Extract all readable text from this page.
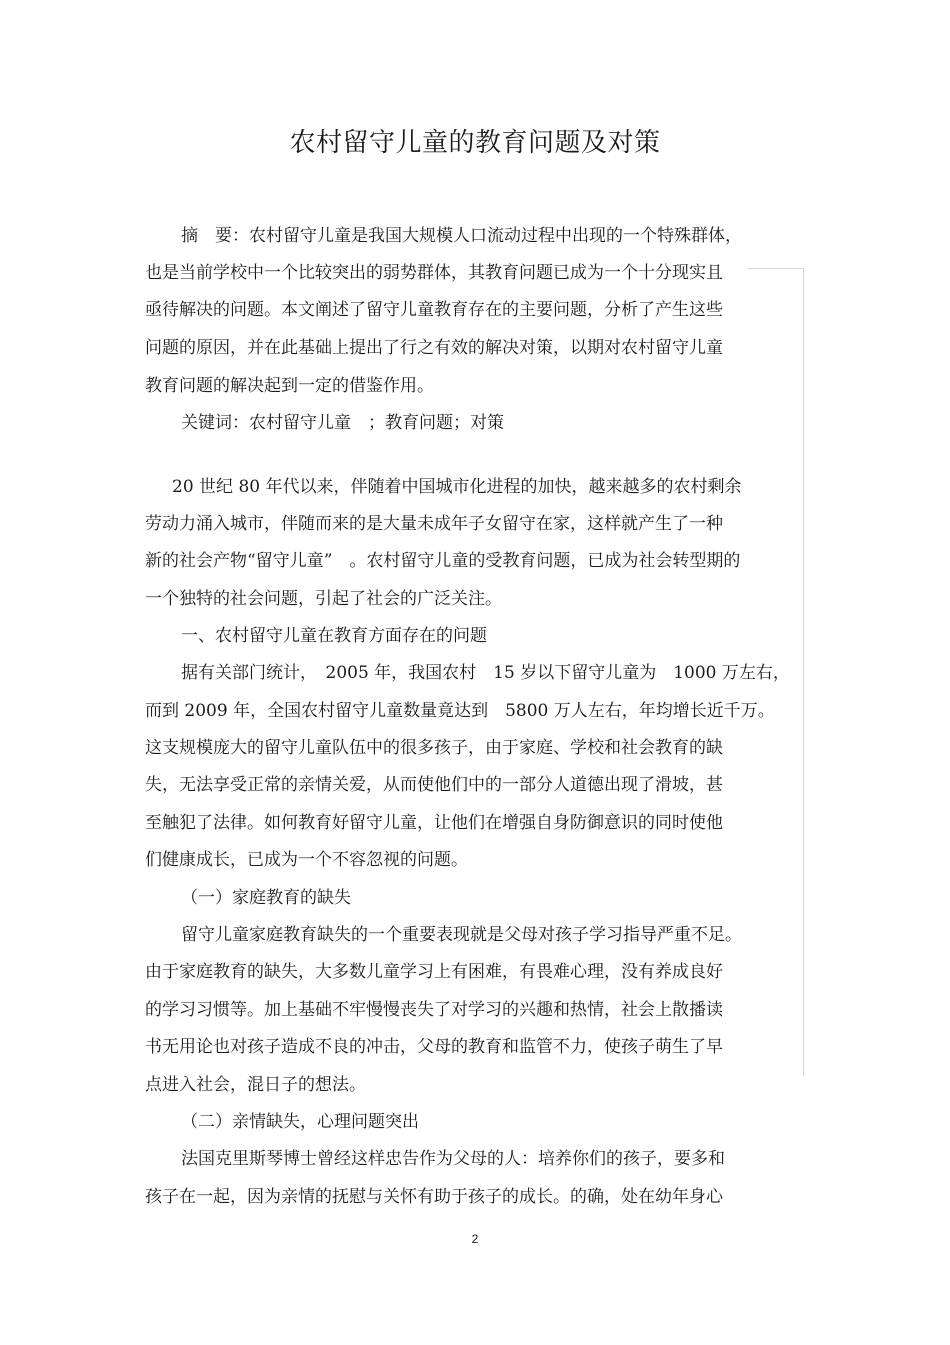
农村留守儿童的教育问题及对策
摘　要：农村留守儿童是我国大规模人口流动过程中出现的一个特殊群体，
也是当前学校中一个比较突出的弱势群体，其教育问题已成为一个十分现实且
亟待解决的问题。本文阐述了留守儿童教育存在的主要问题，分析了产生这些
问题的原因，并在此基础上提出了行之有效的解决对策，以期对农村留守儿童
教育问题的解决起到一定的借鉴作用。
关键词：农村留守儿童　；教育问题；对策
20 世纪 80 年代以来，伴随着中国城市化进程的加快，越来越多的农村剩余
劳动力涌入城市，伴随而来的是大量未成年子女留守在家，这样就产生了一种
新的社会产物“留守儿童”　。农村留守儿童的受教育问题，已成为社会转型期的
一个独特的社会问题，引起了社会的广泛关注。
一、农村留守儿童在教育方面存在的问题
据有关部门统计，　2005 年，我国农村　15 岁以下留守儿童为　1000 万左右，
而到 2009 年，全国农村留守儿童数量竟达到　5800 万人左右，年均增长近千万。
这支规模庞大的留守儿童队伍中的很多孩子，由于家庭、学校和社会教育的缺
失，无法享受正常的亲情关爱，从而使他们中的一部分人道德出现了滑坡，甚
至触犯了法律。如何教育好留守儿童，让他们在增强自身防御意识的同时使他
们健康成长，已成为一个不容忽视的问题。
（一）家庭教育的缺失
留守儿童家庭教育缺失的一个重要表现就是父母对孩子学习指导严重不足。
由于家庭教育的缺失，大多数儿童学习上有困难，有畏难心理，没有养成良好
的学习习惯等。加上基础不牢慢慢丧失了对学习的兴趣和热情，社会上散播读
书无用论也对孩子造成不良的冲击，父母的教育和监管不力，使孩子萌生了早
点进入社会，混日子的想法。
（二）亲情缺失，心理问题突出
法国克里斯琴博士曾经这样忠告作为父母的人：培养你们的孩子，要多和
孩子在一起，因为亲情的抚慰与关怀有助于孩子的成长。的确，处在幼年身心
2
